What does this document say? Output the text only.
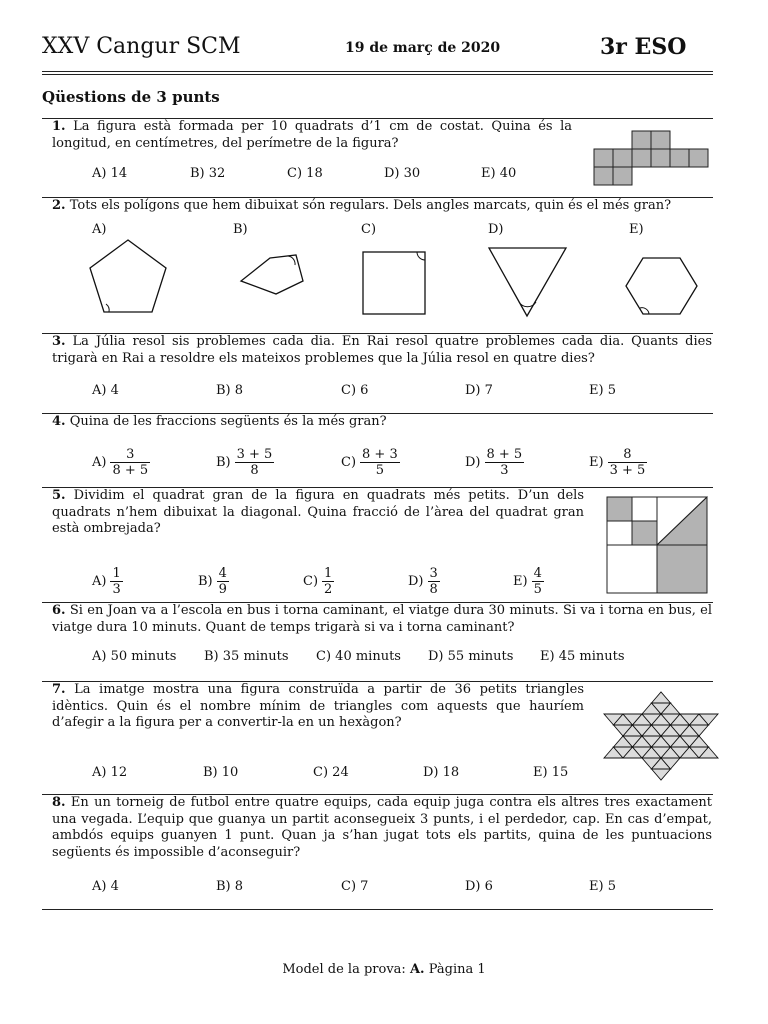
XXV Cangur SCM	19 de març de 2020	3r ESO
Qüestions de 3 punts
1. La figura està formada per 10 quadrats d’1 cm de costat. Quina és la longitud, en centímetres, del perímetre de la figura?
A) 14	B) 32	C) 18	D) 30	E) 40
2. Tots els polígons que hem dibuixat són regulars. Dels angles marcats, quin és el més gran?
A)	B)	C)	D)	E)
3. La Júlia resol sis problemes cada dia. En Rai resol quatre problemes cada dia. Quants dies trigarà en Rai a resoldre els mateixos problemes que la Júlia resol en quatre dies?
A) 4	B) 8	C) 6	D) 7	E) 5
4. Quina de les fraccions següents és la més gran?
$A) \frac{3}{8 + 5}$	$B) \frac{3 + 5}{8}$	$C) \frac{8 + 3}{5}$	$D) \frac{8 + 5}{3}$	$E) \frac{8}{3 + 5}$
5. Dividim el quadrat gran de la figura en quadrats més petits. D’un dels quadrats n’hem dibuixat la diagonal. Quina fracció de l’àrea del quadrat gran està ombrejada?
$A) \frac{1}{3}$	$B) \frac{4}{9}$	$C) \frac{1}{2}$	$D) \frac{3}{8}$	$E) \frac{4}{5}$
6. Si en Joan va a l’escola en bus i torna caminant, el viatge dura 30 minuts. Si va i torna en bus, el viatge dura 10 minuts. Quant de temps trigarà si va i torna caminant?
A) 50 minuts B) 35 minuts C) 40 minuts D) 55 minuts E) 45 minuts
7. La imatge mostra una figura construïda a partir de 36 petits triangles idèntics. Quin és el nombre mínim de triangles com aquests que hauríem d’afegir a la figura per a convertir-la en un hexàgon?
A) 12	B) 10	C) 24	D) 18	E) 15
8. En un torneig de futbol entre quatre equips, cada equip juga contra els altres tres exactament una vegada. L’equip que guanya un partit aconsegueix 3 punts, i el perdedor, cap. En cas d’empat, ambdós equips guanyen 1 punt. Quan ja s’han jugat tots els partits, quina de les puntuacions següents és impossible d’aconseguir?
A) 4	B) 8	C) 7	D) 6	E) 5
Model de la prova: A. Pàgina 1
